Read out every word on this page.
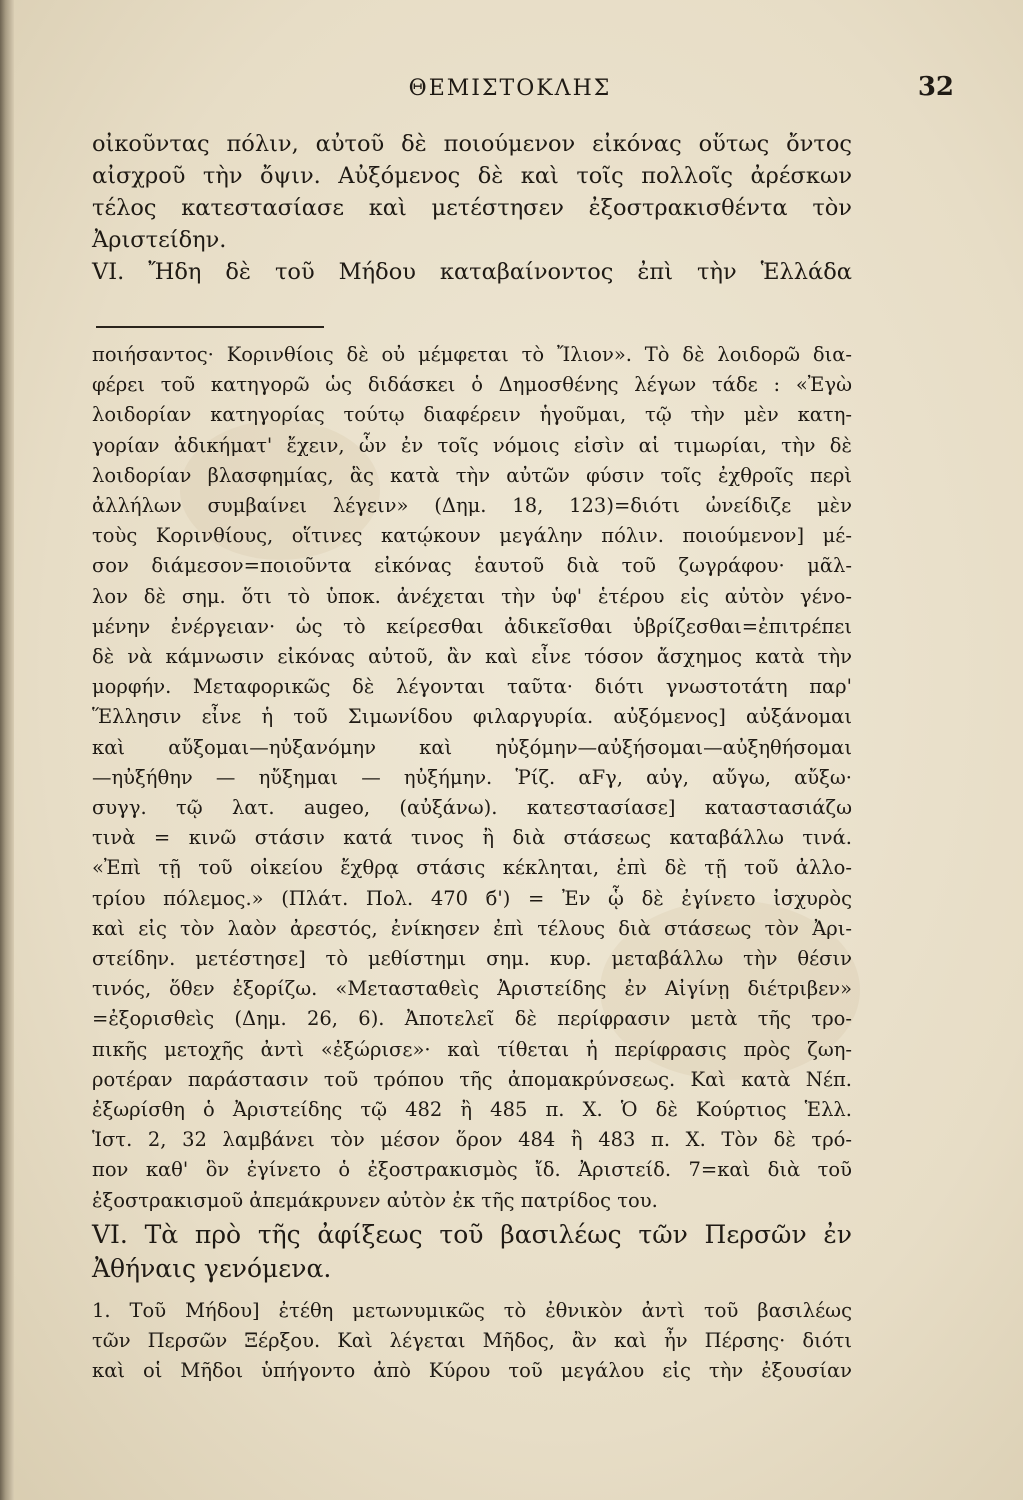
ΘΕΜΙΣΤΟΚΛΗΣ	32

οἰκοῦντας πόλιν, αὐτοῦ δὲ ποιούμενον εἰκόνας οὕτως ὄντος

αἰσχροῦ τὴν ὄψιν. Αὐξόμενος δὲ καὶ τοῖς πολλοῖς ἀρέσκων

τέλος κατεστασίασε καὶ μετέστησεν ἐξοστρακισθέντα τὸν

Ἀριστείδην.

VI. Ἤδη δὲ τοῦ Μήδου καταβαίνοντος ἐπὶ τὴν Ἑλλάδα

ποιήσαντος· Κορινθίοις δὲ οὐ μέμφεται τὸ Ἴλιον». Τὸ δὲ λοιδορῶ δια-

φέρει τοῦ κατηγορῶ ὡς διδάσκει ὁ Δημοσθένης λέγων τάδε : «Ἐγὼ

λοιδορίαν κατηγορίας τούτῳ διαφέρειν ἡγοῦμαι, τῷ τὴν μὲν κατη-

γορίαν ἀδικήματ' ἔχειν, ὧν ἐν τοῖς νόμοις εἰσὶν αἱ τιμωρίαι, τὴν δὲ

λοιδορίαν βλασφημίας, ἃς κατὰ τὴν αὐτῶν φύσιν τοῖς ἐχθροῖς περὶ

ἀλλήλων συμβαίνει λέγειν» (Δημ. 18, 123)=διότι ὠνείδιζε μὲν

τοὺς Κορινθίους, οἵτινες κατῴκουν μεγάλην πόλιν. ποιούμενον] μέ-

σον διάμεσον=ποιοῦντα εἰκόνας ἑαυτοῦ διὰ τοῦ ζωγράφου· μᾶλ-

λον δὲ σημ. ὅτι τὸ ὑποκ. ἀνέχεται τὴν ὑφ' ἑτέρου εἰς αὐτὸν γένο-

μένην ἐνέργειαν· ὡς τὸ κείρεσθαι ἀδικεῖσθαι ὑβρίζεσθαι=ἐπιτρέπει

δὲ νὰ κάμνωσιν εἰκόνας αὐτοῦ, ἂν καὶ εἶνε τόσον ἄσχημος κατὰ τὴν

μορφήν. Μεταφορικῶς δὲ λέγονται ταῦτα· διότι γνωστοτάτη παρ'

Ἕλλησιν εἶνε ἡ τοῦ Σιμωνίδου φιλαργυρία. αὐξόμενος] αὐξάνομαι

καὶ αὔξομαι—ηὐξανόμην καὶ ηὐξόμην—αὐξήσομαι—αὐξηθήσομαι

—ηὐξήθην — ηὔξημαι — ηὐξήμην. Ῥίζ. αFγ, αὐγ, αὔγω, αὔξω·

συγγ. τῷ λατ. augeo, (αὐξάνω). κατεστασίασε] καταστασιάζω

τινὰ = κινῶ στάσιν κατά τινος ἢ διὰ στάσεως καταβάλλω τινά.

«Ἐπὶ τῇ τοῦ οἰκείου ἔχθρᾳ στάσις κέκληται, ἐπὶ δὲ τῇ τοῦ ἀλλο-

τρίου πόλεμος.» (Πλάτ. Πολ. 470 б') = Ἐν ᾧ δὲ ἐγίνετο ἰσχυρὸς

καὶ εἰς τὸν λαὸν ἀρεστός, ἐνίκησεν ἐπὶ τέλους διὰ στάσεως τὸν Ἀρι-

στείδην. μετέστησε] τὸ μεθίστημι σημ. κυρ. μεταβάλλω τὴν θέσιν

τινός, ὅθεν ἐξορίζω. «Μετασταθεὶς Ἀριστείδης ἐν Αἰγίνῃ διέτριβεν»

=ἐξορισθεὶς (Δημ. 26, 6). Ἀποτελεῖ δὲ περίφρασιν μετὰ τῆς τρο-

πικῆς μετοχῆς ἀντὶ «ἐξώρισε»· καὶ τίθεται ἡ περίφρασις πρὸς ζωη-

ροτέραν παράστασιν τοῦ τρόπου τῆς ἀπομακρύνσεως. Καὶ κατὰ Νέπ.

ἐξωρίσθη ὁ Ἀριστείδης τῷ 482 ἢ 485 π. Χ. Ὁ δὲ Κούρτιος Ἑλλ.

Ἱστ. 2, 32 λαμβάνει τὸν μέσον ὅρον 484 ἢ 483 π. Χ. Τὸν δὲ τρό-

πον καθ' ὃν ἐγίνετο ὁ ἐξοστρακισμὸς ἴδ. Ἀριστείδ. 7=καὶ διὰ τοῦ

ἐξοστρακισμοῦ ἀπεμάκρυνεν αὐτὸν ἐκ τῆς πατρίδος του.

VI. Τὰ πρὸ τῆς ἀφίξεως τοῦ βασιλέως τῶν Περσῶν ἐν

Ἀθήναις γενόμενα.

1. Τοῦ Μήδου] ἐτέθη μετωνυμικῶς τὸ ἐθνικὸν ἀντὶ τοῦ βασιλέως

τῶν Περσῶν Ξέρξου. Καὶ λέγεται Μῆδος, ἂν καὶ ἦν Πέρσης· διότι

καὶ οἱ Μῆδοι ὑπήγοντο ἀπὸ Κύρου τοῦ μεγάλου εἰς τὴν ἐξουσίαν
